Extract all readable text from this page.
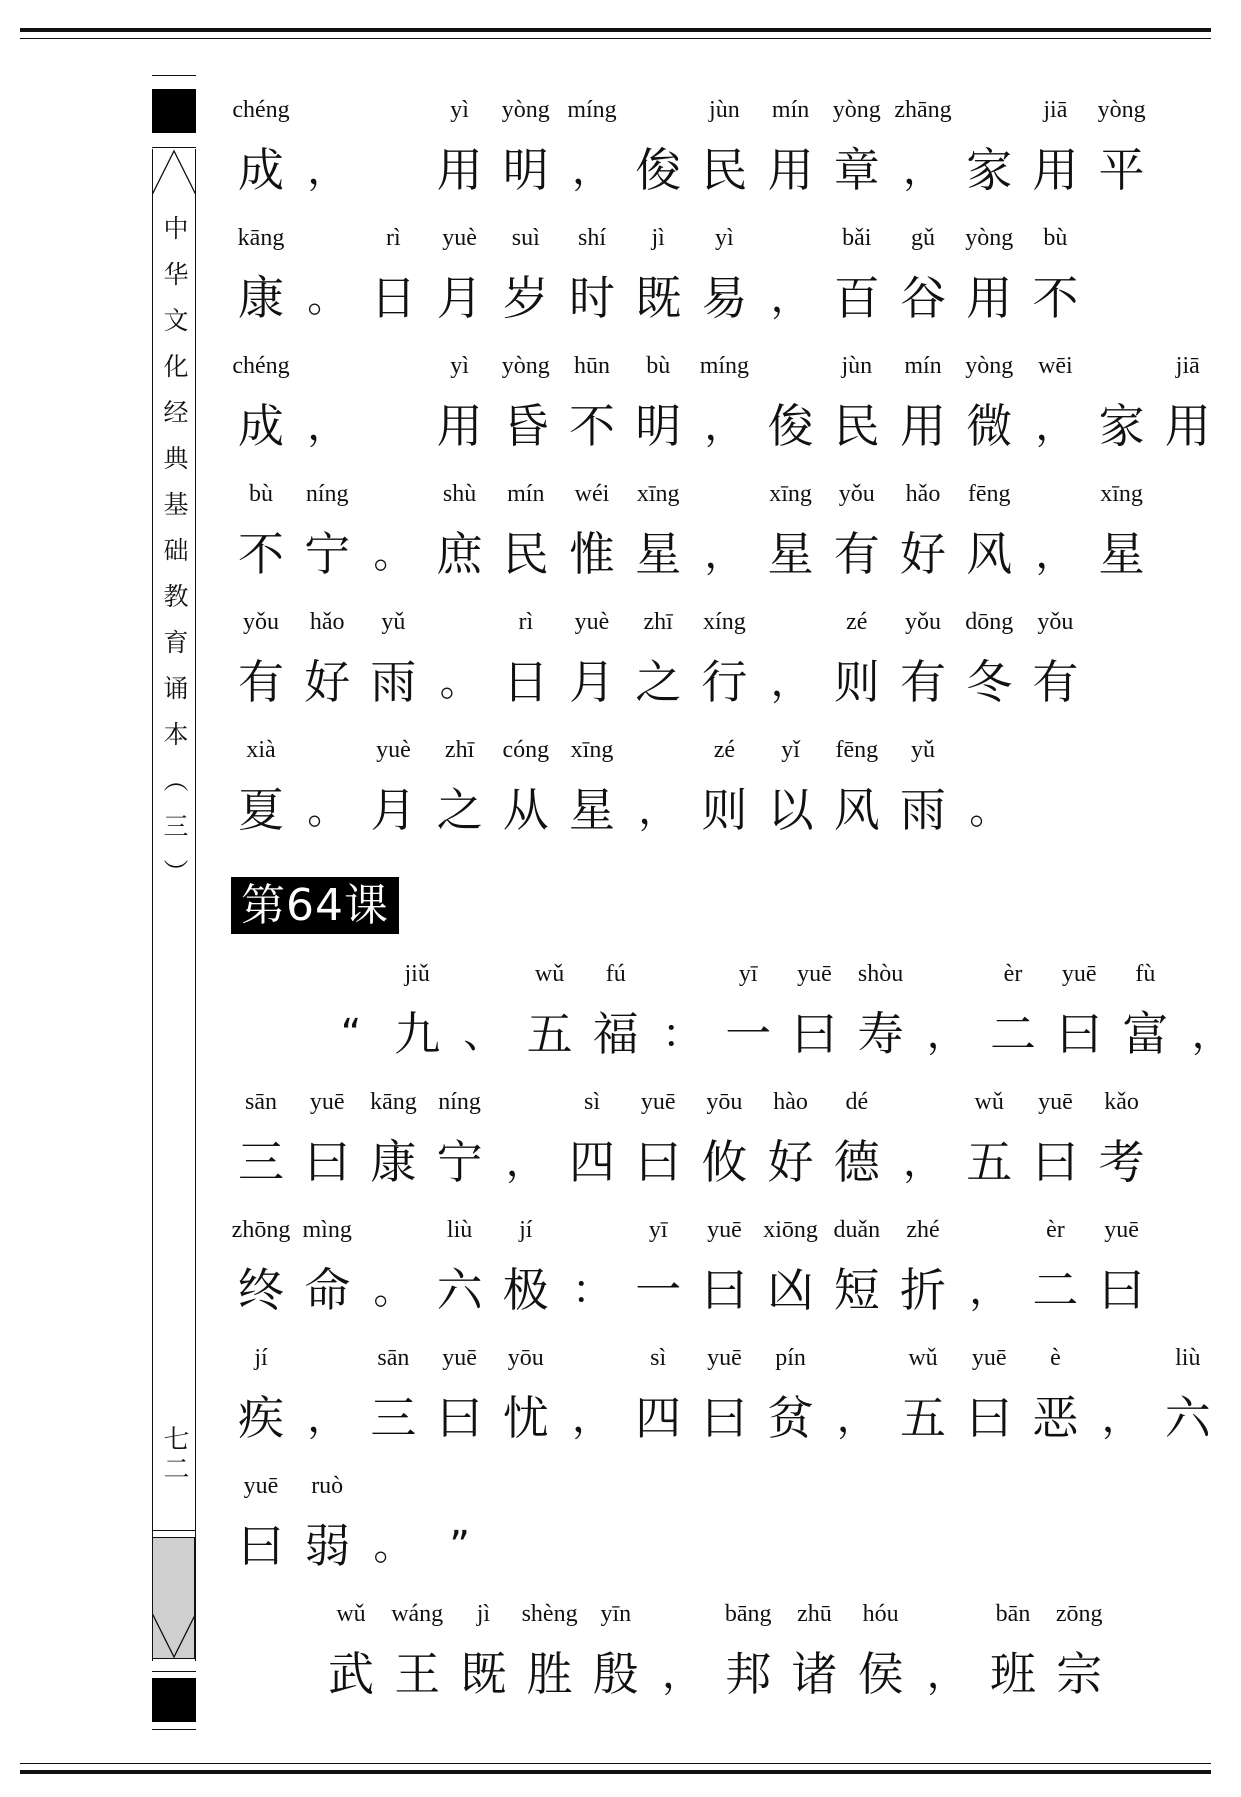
中华文化经典基础教育诵本（三）
七二
成
chéng
， 用
yì
明
yòng
，
míng
俊 民
jùn
用
mín
章
yòng
，
zhāng
家 用
jiā
平
yòng
康
kāng
。 日
rì
月
yuè
岁
suì
时
shí
既
jì
易
yì
， 百
bǎi
谷
gǔ
用
yòng
不
bù
成
chéng
， 用
yì
昏
yòng
不
hūn
明
bù
，
míng
俊 民
jùn
用
mín
微
yòng
，
wēi
家 用
jiā
不
bù
宁
níng
。 庶
shù
民
mín
惟
wéi
星
xīng
， 星
xīng
有
yǒu
好
hǎo
风
fēng
， 星
xīng
有
yǒu
好
hǎo
雨
yǔ
。 日
rì
月
yuè
之
zhī
行
xíng
， 则
zé
有
yǒu
冬
dōng
有
yǒu
夏
xià
。 月
yuè
之
zhī
从
cóng
星
xīng
， 则
zé
以
yǐ
风
fēng
雨
yǔ
。
“ 九
jiǔ
、 五
wǔ
福
fú
： 一
yī
曰
yuē
寿
shòu
， 二
èr
曰
yuē
富
fù
，
三
sān
曰
yuē
康
kāng
宁
níng
， 四
sì
曰
yuē
攸
yōu
好
hào
德
dé
， 五
wǔ
曰
yuē
考
kǎo
终
zhōng
命
mìng
。 六
liù
极
jí
： 一
yī
曰
yuē
凶
xiōng
短
duǎn
折
zhé
， 二
èr
曰
yuē
疾
jí
， 三
sān
曰
yuē
忧
yōu
， 四
sì
曰
yuē
贫
pín
， 五
wǔ
曰
yuē
恶
è
， 六
liù
曰
yuē
弱
ruò
。 ”
武
wǔ
王
wáng
既
jì
胜
shèng
殷
yīn
， 邦
bāng
诸
zhū
侯
hóu
， 班
bān
宗
zōng
第64课
